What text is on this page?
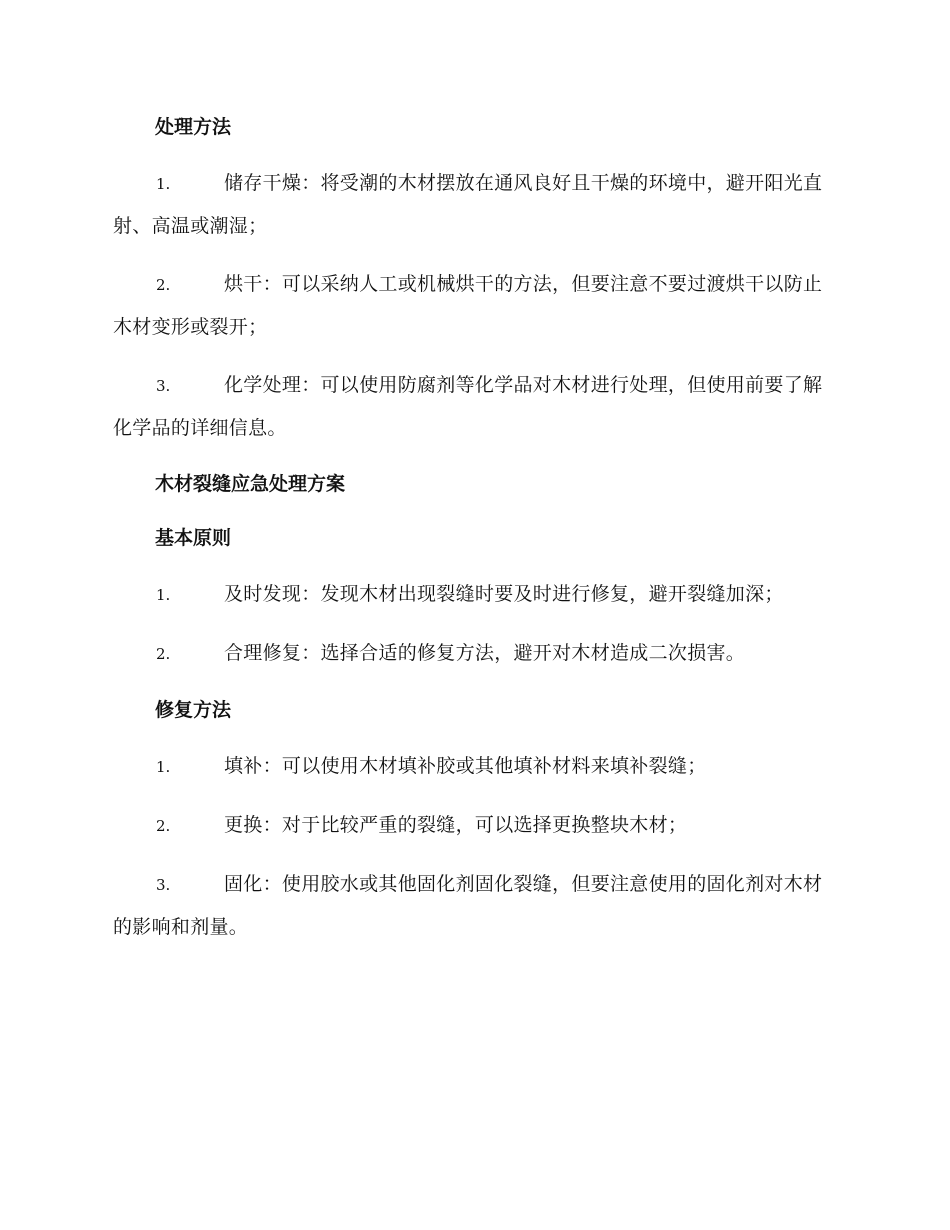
处理方法
1.	储存干燥：将受潮的木材摆放在通风良好且干燥的环境中，避开阳光直射、高温或潮湿；
2.	烘干：可以采纳人工或机械烘干的方法，但要注意不要过渡烘干以防止木材变形或裂开；
3.	化学处理：可以使用防腐剂等化学品对木材进行处理，但使用前要了解化学品的详细信息。
木材裂缝应急处理方案
基本原则
1.	及时发现：发现木材出现裂缝时要及时进行修复，避开裂缝加深；
2.	合理修复：选择合适的修复方法，避开对木材造成二次损害。
修复方法
1.	填补：可以使用木材填补胶或其他填补材料来填补裂缝；
2.	更换：对于比较严重的裂缝，可以选择更换整块木材；
3.	固化：使用胶水或其他固化剂固化裂缝，但要注意使用的固化剂对木材的影响和剂量。
